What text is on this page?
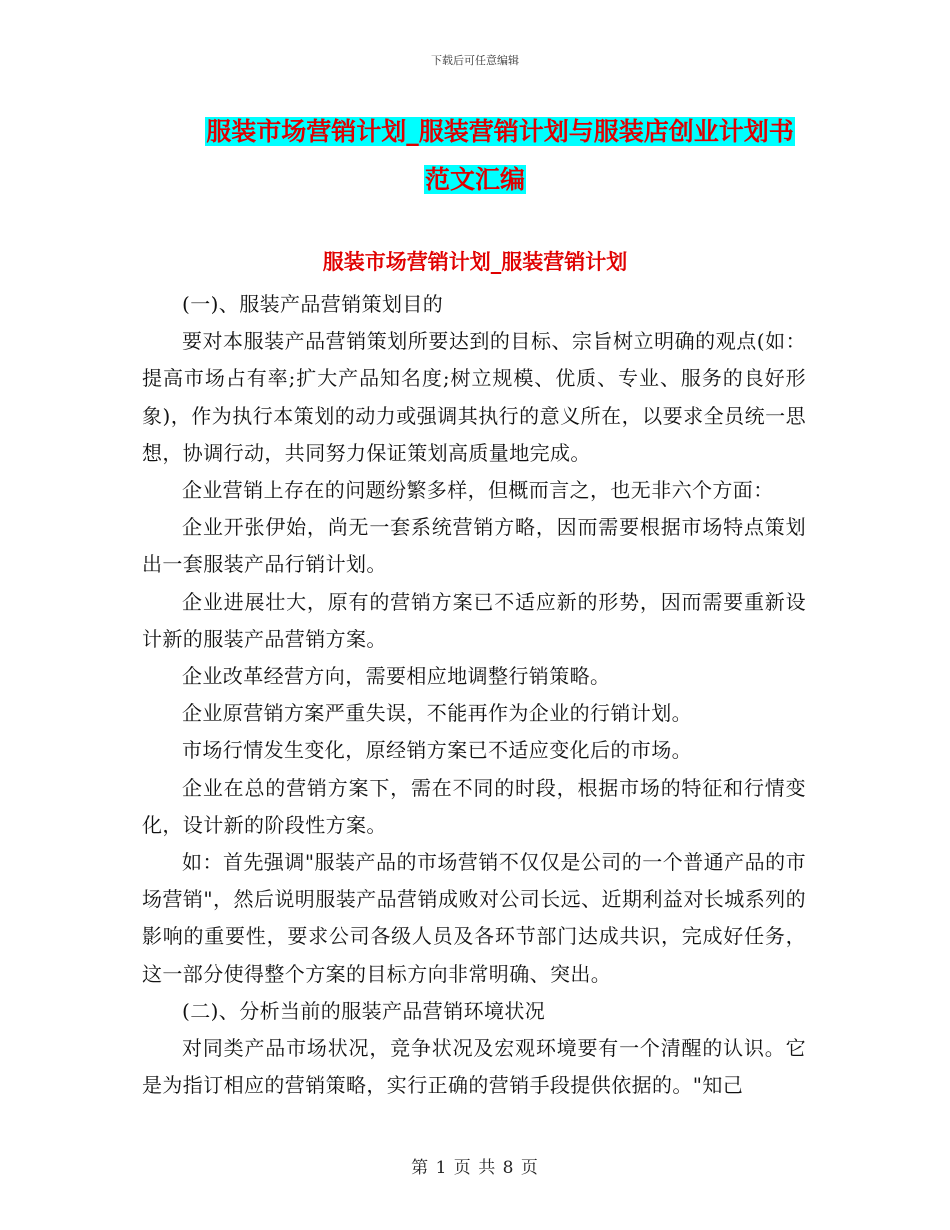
下载后可任意编辑
服装市场营销计划_服装营销计划与服装店创业计划书
范文汇编
服装市场营销计划_服装营销计划

(一)、服装产品营销策划目的

要对本服装产品营销策划所要达到的目标、宗旨树立明确的观点(如：提高市场占有率;扩大产品知名度;树立规模、优质、专业、服务的良好形象)，作为执行本策划的动力或强调其执行的意义所在，以要求全员统一思想，协调行动，共同努力保证策划高质量地完成。

企业营销上存在的问题纷繁多样，但概而言之，也无非六个方面：

企业开张伊始，尚无一套系统营销方略，因而需要根据市场特点策划出一套服装产品行销计划。

企业进展壮大，原有的营销方案已不适应新的形势，因而需要重新设计新的服装产品营销方案。

企业改革经营方向，需要相应地调整行销策略。

企业原营销方案严重失误，不能再作为企业的行销计划。

市场行情发生变化，原经销方案已不适应变化后的市场。

企业在总的营销方案下，需在不同的时段，根据市场的特征和行情变化，设计新的阶段性方案。

如：首先强调"服装产品的市场营销不仅仅是公司的一个普通产品的市场营销"，然后说明服装产品营销成败对公司长远、近期利益对长城系列的影响的重要性，要求公司各级人员及各环节部门达成共识，完成好任务，这一部分使得整个方案的目标方向非常明确、突出。

(二)、分析当前的服装产品营销环境状况

对同类产品市场状况，竞争状况及宏观环境要有一个清醒的认识。它是为指订相应的营销策略，实行正确的营销手段提供依据的。"知己

第 1 页 共 8 页
